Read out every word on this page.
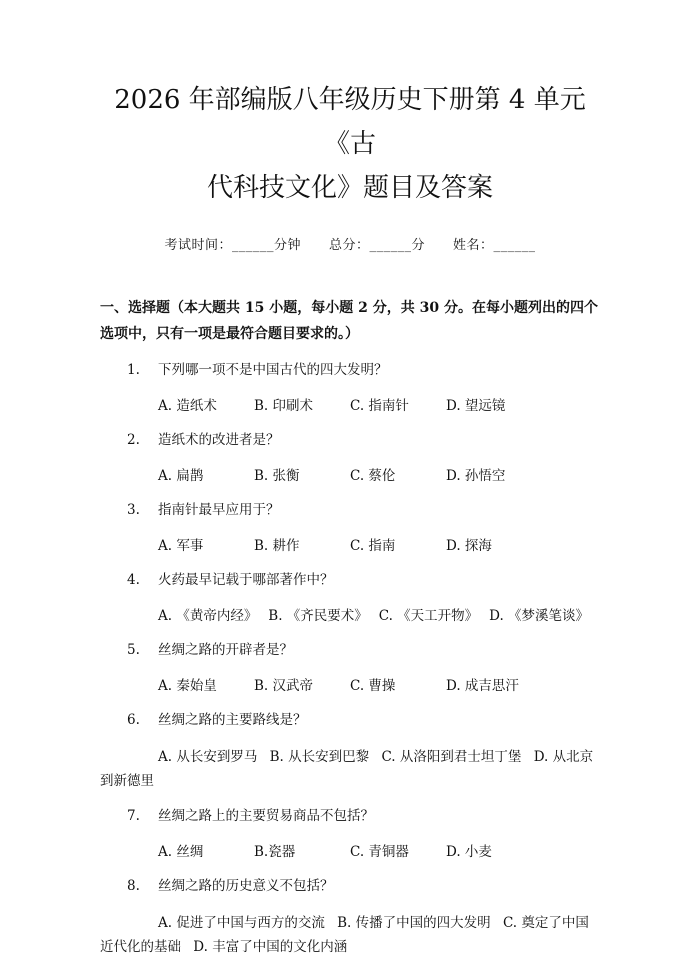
2026 年部编版八年级历史下册第 4 单元《古
代科技文化》题目及答案
考试时间：______分钟 总分：______分 姓名：______
一、选择题（本大题共 15 小题，每小题 2 分，共 30 分。在每小题列出的四个选项中，只有一项是最符合题目要求的。）
1.	下列哪一项不是中国古代的四大发明？
A. 造纸术	B. 印刷术	C. 指南针	D. 望远镜
2.	造纸术的改进者是？
A. 扁鹊	B. 张衡	C. 蔡伦	D. 孙悟空
3.	指南针最早应用于？
A. 军事	B. 耕作	C. 指南	D. 探海
4.	火药最早记载于哪部著作中？
A. 《黄帝内经》 B. 《齐民要术》 C. 《天工开物》 D. 《梦溪笔谈》
5.	丝绸之路的开辟者是？
A. 秦始皇	B. 汉武帝	C. 曹操	D. 成吉思汗
6.	丝绸之路的主要路线是？
A. 从长安到罗马 B. 从长安到巴黎 C. 从洛阳到君士坦丁堡 D. 从北京到新德里
7.	丝绸之路上的主要贸易商品不包括？
A. 丝绸	B.瓷器	C. 青铜器	D. 小麦
8.	丝绸之路的历史意义不包括？
A. 促进了中国与西方的交流 B. 传播了中国的四大发明 C. 奠定了中国近代化的基础 D. 丰富了中国的文化内涵
